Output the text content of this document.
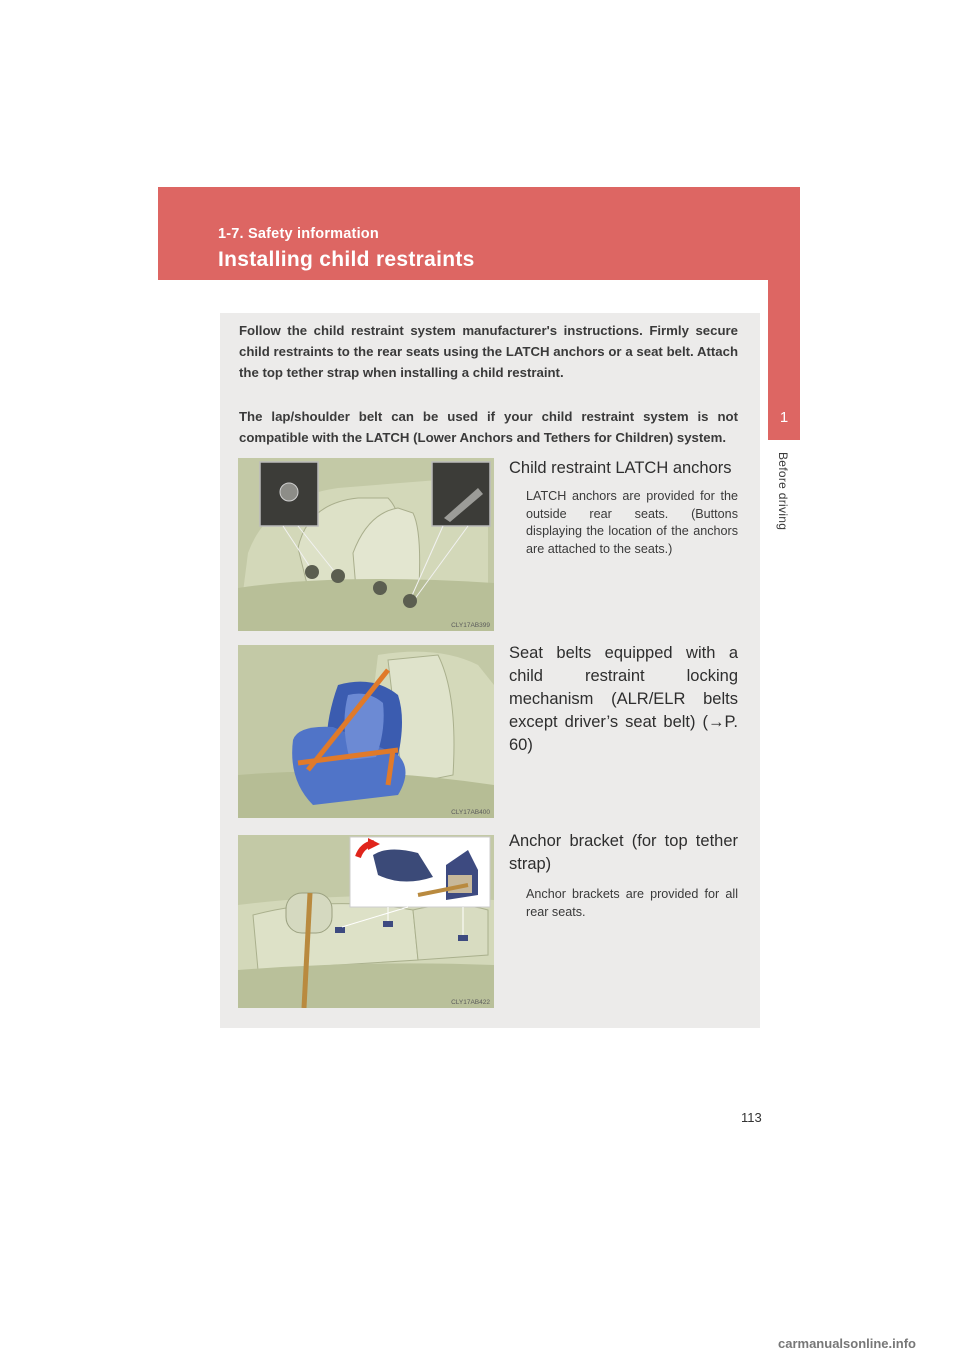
1-7. Safety information
Installing child restraints
1
Before driving

Follow the child restraint system manufacturer's instructions. Firmly secure child restraints to the rear seats using the LATCH anchors or a seat belt. Attach the top tether strap when installing a child restraint.

The lap/shoulder belt can be used if your child restraint system is not compatible with the LATCH (Lower Anchors and Tethers for Children) system.

CLY17AB399

Child restraint LATCH anchors

LATCH anchors are provided for the outside rear seats. (Buttons displaying the location of the anchors are attached to the seats.)

CLY17AB400

Seat belts equipped with a child restraint locking mechanism (ALR/ELR belts except driver’s seat belt) (→P. 60)

CLY17AB422

Anchor bracket (for top tether strap)

Anchor brackets are provided for all rear seats.

113
carmanualsonline.info
